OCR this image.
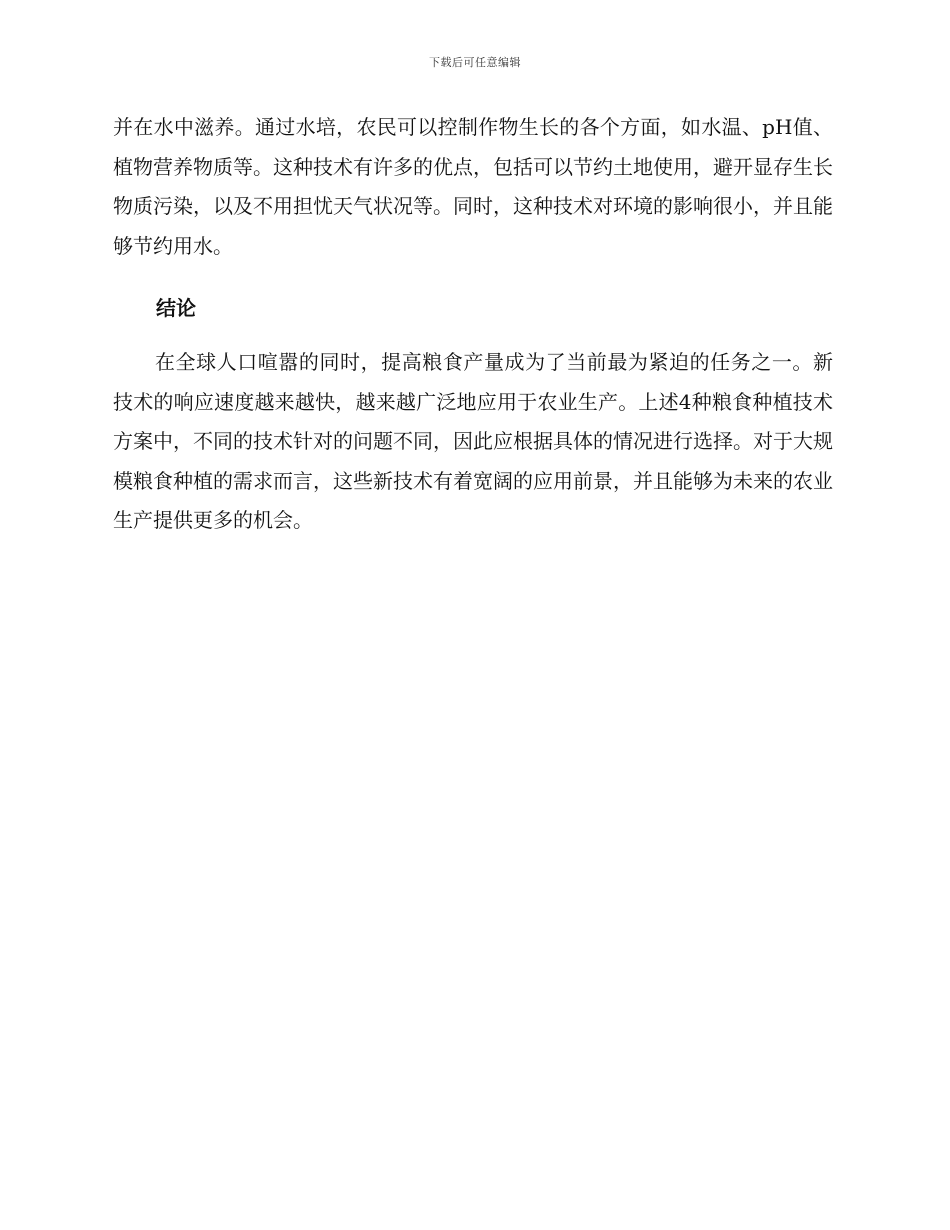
下载后可任意编辑

并在水中滋养。通过水培，农民可以控制作物生长的各个方面，如水温、pH值、植物营养物质等。这种技术有许多的优点，包括可以节约土地使用，避开显存生长物质污染，以及不用担忧天气状况等。同时，这种技术对环境的影响很小，并且能够节约用水。

结论

在全球人口喧嚣的同时，提高粮食产量成为了当前最为紧迫的任务之一。新技术的响应速度越来越快，越来越广泛地应用于农业生产。上述4种粮食种植技术方案中，不同的技术针对的问题不同，因此应根据具体的情况进行选择。对于大规模粮食种植的需求而言，这些新技术有着宽阔的应用前景，并且能够为未来的农业生产提供更多的机会。
